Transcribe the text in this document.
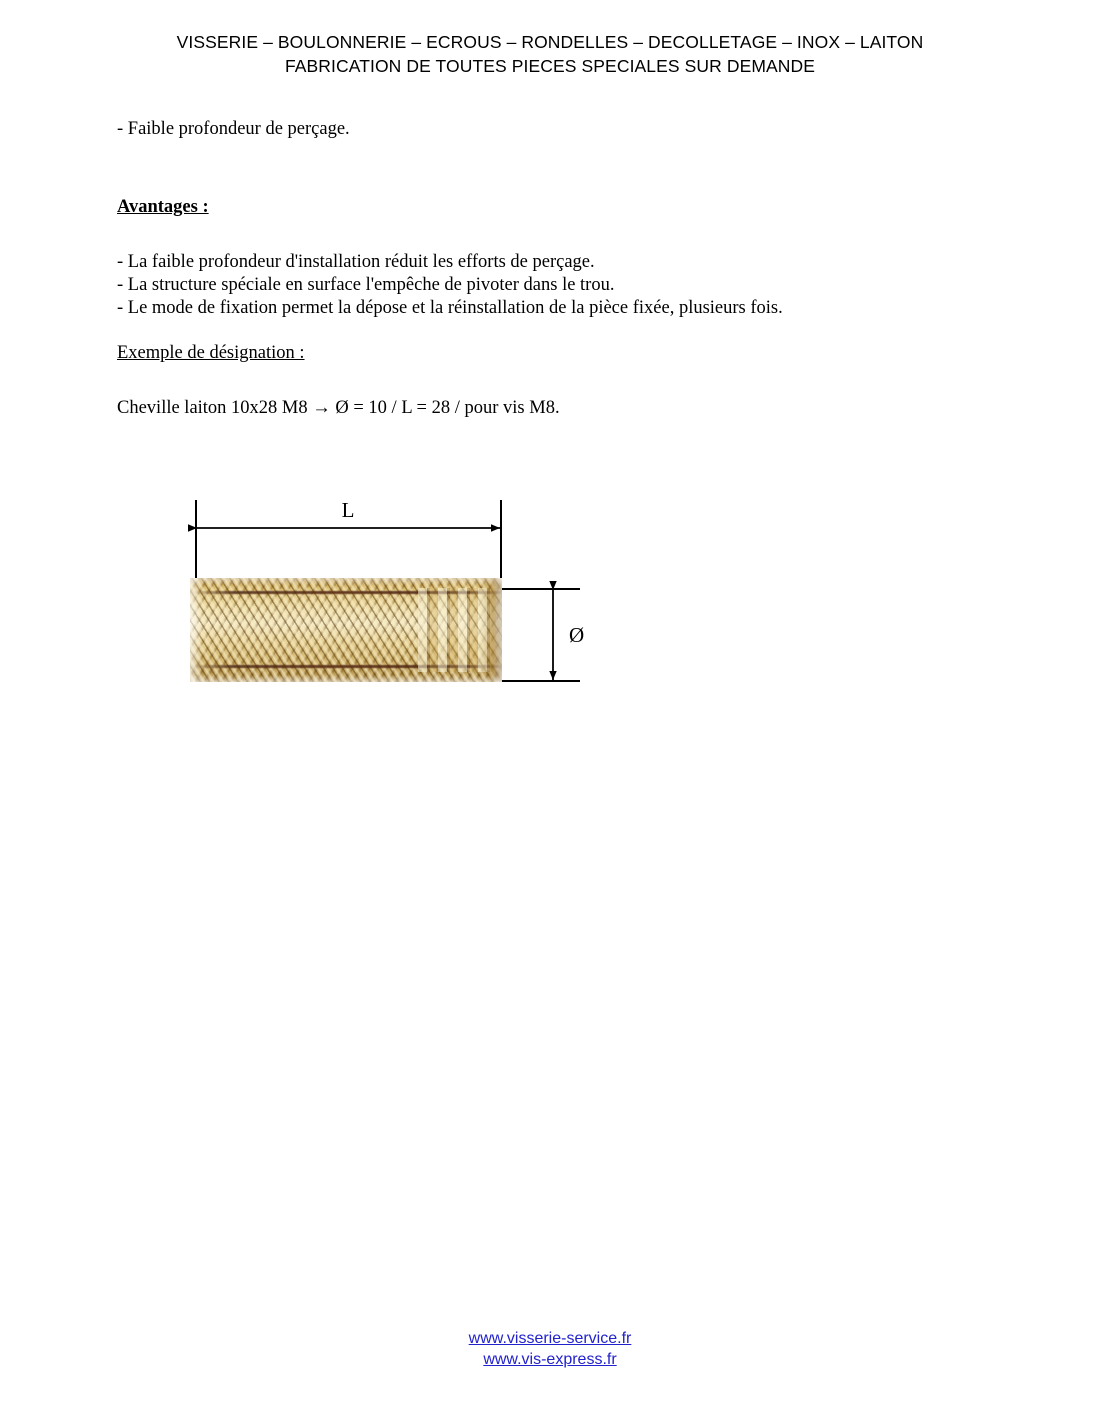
VISSERIE – BOULONNERIE – ECROUS – RONDELLES – DECOLLETAGE – INOX – LAITON
FABRICATION DE TOUTES PIECES SPECIALES SUR DEMANDE
- Faible profondeur de perçage.
Avantages :
- La faible profondeur d'installation réduit les efforts de perçage.
- La structure spéciale en surface l'empêche de pivoter dans le trou.
- Le mode de fixation permet la dépose et la réinstallation de la pièce fixée, plusieurs fois.
Exemple de désignation :
Cheville laiton 10x28 M8 → Ø = 10 / L = 28 / pour vis M8.
L
Ø
www.visserie-service.fr
www.vis-express.fr
